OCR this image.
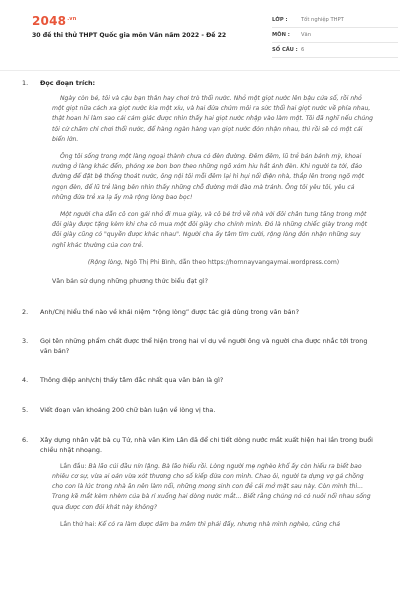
$2048^{.vn}$
30 đề thi thử THPT Quốc gia môn Văn năm 2022 - Đề 22
LỚP :	Tốt nghiệp THPT
MÔN :	Văn
SỐ CÂU : 6
1.	Đọc đoạn trích:
Ngày còn bé, tôi và cậu bạn thân hay chơi trò thổi nước. Nhỏ một giọt nước lên bậu cửa sổ, rồi nhỏ một giọt nữa cách xa giọt nước kia một xíu, và hai đứa chúm môi ra sức thổi hai giọt nước về phía nhau, thật hoan hỉ làm sao cái cảm giác được nhìn thấy hai giọt nước nhập vào làm một. Tôi đã nghĩ nếu chúng tôi cứ chăm chỉ chơi thổi nước, để hàng ngàn hàng vạn giọt nước đón nhận nhau, thì rồi sẽ có một cái biển lớn.
Ông tôi sống trong một làng ngoại thành chưa có đèn đường. Đêm đêm, lũ trẻ bán bánh mỳ, khoai nướng ở làng khác đến, phóng xe bon bon theo những ngõ xóm hiu hắt ánh đèn. Khi người ta tới, đáo đường để đặt bệ thống thoát nước, ông nội tôi mỗi đêm lại hì hụi nối điện nhà, thắp lên trong ngõ một ngọn đèn, để lũ trẻ làng bên nhìn thấy những chỗ đường mới đào mà tránh. Ông tôi yêu tôi, yêu cả những đứa trẻ xa lạ ấy mà rộng lòng bao bọc!
Một người cha dẫn cô con gái nhỏ đi mua giày, và cô bé trở về nhà với đôi chân tung tăng trong một đôi giày được tặng kèm khi cha cô mua một đôi giày cho chính mình. Đó là những chiếc giày trong một đôi giày cũng có "quyền được khác nhau". Người cha ấy tâm tìm cười, rộng lòng đón nhận những suy nghĩ khác thường của con trẻ.
(Rộng lòng, Ngô Thị Phi Bình, dẫn theo https://hornnayvangaymai.wordpress.com)
Văn bản sử dụng những phương thức biểu đạt gì?
2.	Anh/Chị hiểu thế nào về khái niệm “rộng lòng” được tác giả dùng trong văn bản?
3.	Gọi tên những phẩm chất được thể hiện trong hai ví dụ về người ông và người cha được nhắc tới trong văn bản?
4.	Thông điệp anh/chị thấy tâm đắc nhất qua văn bản là gì?
5.	Viết đoạn văn khoảng 200 chữ bàn luận về lòng vị tha.
6.	Xây dựng nhân vật bà cụ Tứ, nhà văn Kim Lân đã để chi tiết dòng nước mắt xuất hiện hai lần trong buổi chiều nhặt nhoạng.
Lần đầu: Bà lão cúi đầu nín lặng. Bà lão hiểu rồi. Lòng người mẹ nghèo khổ ấy còn hiểu ra biết bao nhiêu cơ sự, vừa ai oán vừa xót thương cho số kiếp đứa con mình. Chao ôi, người ta dựng vợ gả chồng cho con là lúc trong nhà ăn nên làm nổi, những mong sinh con đẻ cái mở mặt sau này. Còn mình thì... Trong kẽ mắt kèm nhèm của bà rỉ xuống hai dòng nước mắt... Biết rằng chúng nó có nuôi nổi nhau sống qua được cơn đói khát này không?
Lần thứ hai: Kể có ra làm được dăm ba mâm thì phải đấy, nhưng nhà mình nghèo, cũng chả
